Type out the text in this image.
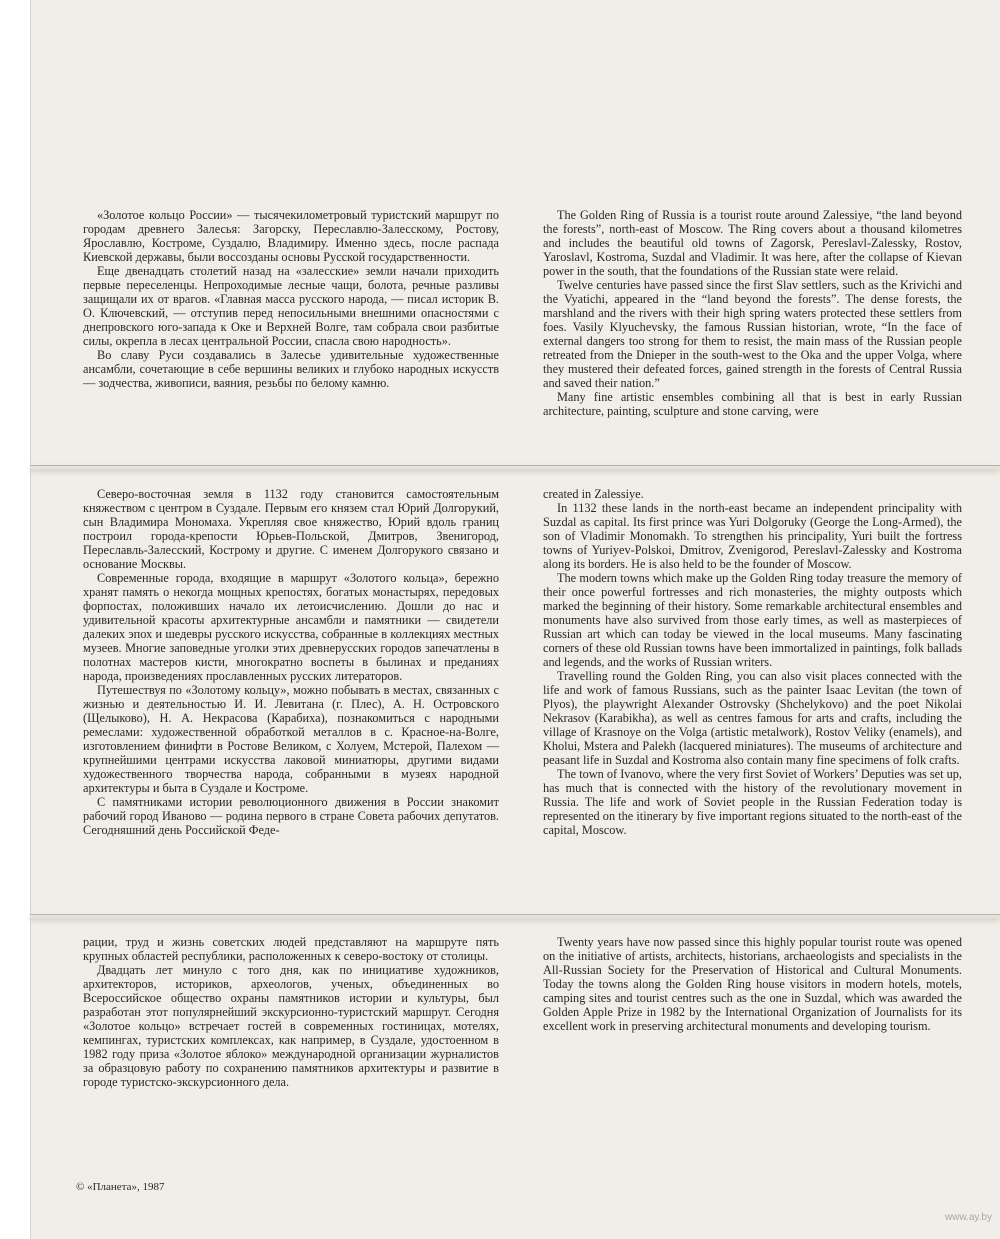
«Золотое кольцо России» — тысячекилометровый туристский маршрут по городам древнего Залесья: Загорску, Переславлю-Залесскому, Ростову, Ярославлю, Костроме, Суздалю, Владимиру. Именно здесь, после распада Киевской державы, были воссозданы основы Русской государственности.

Еще двенадцать столетий назад на «залесские» земли начали приходить первые переселенцы. Непроходимые лесные чащи, болота, речные разливы защищали их от врагов. «Главная масса русского народа, — писал историк В. О. Ключевский, — отступив перед непосильными внешними опасностями с днепровского юго-запада к Оке и Верхней Волге, там собрала свои разбитые силы, окрепла в лесах центральной России, спасла свою народность».

Во славу Руси создавались в Залесье удивительные художественные ансамбли, сочетающие в себе вершины великих и глубоко народных искусств — зодчества, живописи, ваяния, резьбы по белому камню.

The Golden Ring of Russia is a tourist route around Zalessiye, “the land beyond the forests”, north-east of Moscow. The Ring covers about a thousand kilometres and includes the beautiful old towns of Zagorsk, Pereslavl-Zalessky, Rostov, Yaroslavl, Kostroma, Suzdal and Vladimir. It was here, after the collapse of Kievan power in the south, that the foundations of the Russian state were relaid.

Twelve centuries have passed since the first Slav settlers, such as the Krivichi and the Vyatichi, appeared in the “land beyond the forests”. The dense forests, the marshland and the rivers with their high spring waters protected these settlers from foes. Vasily Klyuchevsky, the famous Russian historian, wrote, “In the face of external dangers too strong for them to resist, the main mass of the Russian people retreated from the Dnieper in the south-west to the Oka and the upper Volga, where they mustered their defeated forces, gained strength in the forests of Central Russia and saved their nation.”

Many fine artistic ensembles combining all that is best in early Russian architecture, painting, sculpture and stone carving, were

Северо-восточная земля в 1132 году становится самостоятельным княжеством с центром в Суздале. Первым его князем стал Юрий Долгорукий, сын Владимира Мономаха. Укрепляя свое княжество, Юрий вдоль границ построил города-крепости Юрьев-Польской, Дмитров, Звенигород, Переславль-Залесский, Кострому и другие. С именем Долгорукого связано и основание Москвы.

Современные города, входящие в маршрут «Золотого кольца», бережно хранят память о некогда мощных крепостях, богатых монастырях, передовых форпостах, положивших начало их летоисчислению. Дошли до нас и удивительной красоты архитектурные ансамбли и памятники — свидетели далеких эпох и шедевры русского искусства, собранные в коллекциях местных музеев. Многие заповедные уголки этих древнерусских городов запечатлены в полотнах мастеров кисти, многократно воспеты в былинах и преданиях народа, произведениях прославленных русских литераторов.

Путешествуя по «Золотому кольцу», можно побывать в местах, связанных с жизнью и деятельностью И. И. Левитана (г. Плес), А. Н. Островского (Щелыково), Н. А. Некрасова (Карабиха), познакомиться с народными ремеслами: художественной обработкой металлов в с. Красное-на-Волге, изготовлением финифти в Ростове Великом, с Холуем, Мстерой, Палехом — крупнейшими центрами искусства лаковой миниатюры, другими видами художественного творчества народа, собранными в музеях народной архитектуры и быта в Суздале и Костроме.

С памятниками истории революционного движения в России знакомит рабочий город Иваново — родина первого в стране Совета рабочих депутатов. Сегодняшний день Российской Феде-

created in Zalessiye.

In 1132 these lands in the north-east became an independent principality with Suzdal as capital. Its first prince was Yuri Dolgoruky (George the Long-Armed), the son of Vladimir Monomakh. To strengthen his principality, Yuri built the fortress towns of Yuriyev-Polskoi, Dmitrov, Zvenigorod, Pereslavl-Zalessky and Kostroma along its borders. He is also held to be the founder of Moscow.

The modern towns which make up the Golden Ring today treasure the memory of their once powerful fortresses and rich monasteries, the mighty outposts which marked the beginning of their history. Some remarkable architectural ensembles and monuments have also survived from those early times, as well as masterpieces of Russian art which can today be viewed in the local museums. Many fascinating corners of these old Russian towns have been immortalized in paintings, folk ballads and legends, and the works of Russian writers.

Travelling round the Golden Ring, you can also visit places connected with the life and work of famous Russians, such as the painter Isaac Levitan (the town of Plyos), the playwright Alexander Ostrovsky (Shchelykovo) and the poet Nikolai Nekrasov (Karabikha), as well as centres famous for arts and crafts, including the village of Krasnoye on the Volga (artistic metalwork), Rostov Veliky (enamels), and Kholui, Mstera and Palekh (lacquered miniatures). The museums of architecture and peasant life in Suzdal and Kostroma also contain many fine specimens of folk crafts.

The town of Ivanovo, where the very first Soviet of Workers’ Deputies was set up, has much that is connected with the history of the revolutionary movement in Russia. The life and work of Soviet people in the Russian Federation today is represented on the itinerary by five important regions situated to the north-east of the capital, Moscow.

рации, труд и жизнь советских людей представляют на маршруте пять крупных областей республики, расположенных к северо-востоку от столицы.

Двадцать лет минуло с того дня, как по инициативе художников, архитекторов, историков, археологов, ученых, объединенных во Всероссийское общество охраны памятников истории и культуры, был разработан этот популярнейший экскурсионно-туристский маршрут. Сегодня «Золотое кольцо» встречает гостей в современных гостиницах, мотелях, кемпингах, туристских комплексах, как например, в Суздале, удостоенном в 1982 году приза «Золотое яблоко» международной организации журналистов за образцовую работу по сохранению памятников архитектуры и развитие в городе туристско-экскурсионного дела.

Twenty years have now passed since this highly popular tourist route was opened on the initiative of artists, architects, historians, archaeologists and specialists in the All-Russian Society for the Preservation of Historical and Cultural Monuments. Today the towns along the Golden Ring house visitors in modern hotels, motels, camping sites and tourist centres such as the one in Suzdal, which was awarded the Golden Apple Prize in 1982 by the International Organization of Journalists for its excellent work in preserving architectural monuments and developing tourism.

© «Планета», 1987
www.ay.by
